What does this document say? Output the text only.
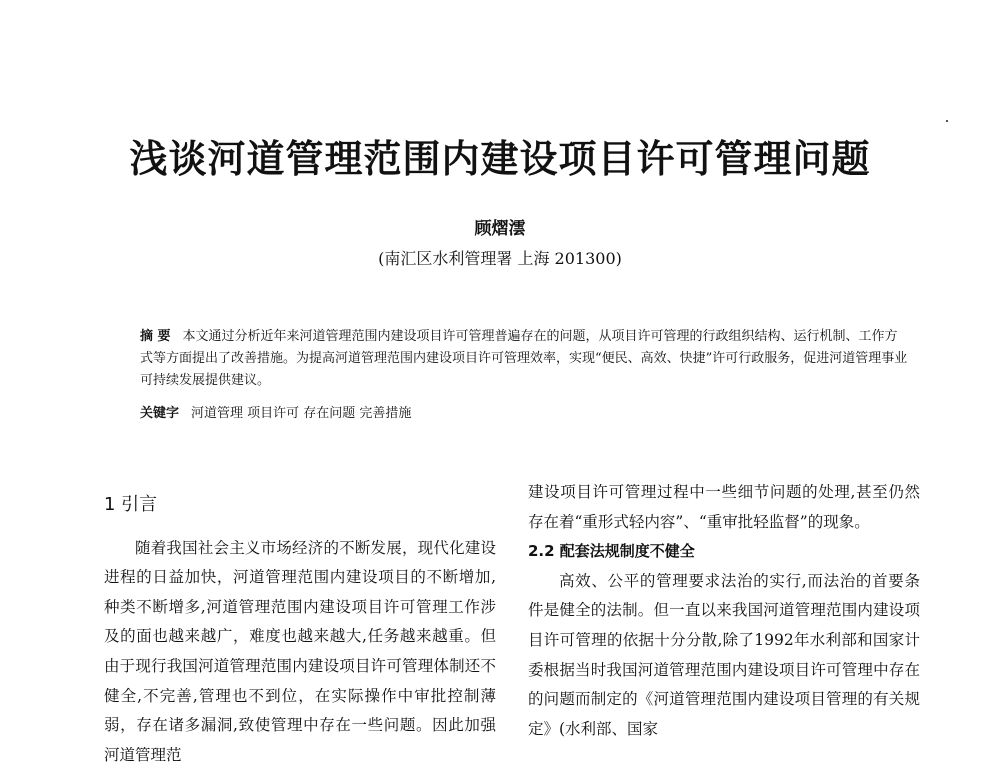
浅谈河道管理范围内建设项目许可管理问题
顾熠澐
(南汇区水利管理署 上海 201300)
摘 要 本文通过分析近年来河道管理范围内建设项目许可管理普遍存在的问题，从项目许可管理的行政组织结构、运行机制、工作方式等方面提出了改善措施。为提高河道管理范围内建设项目许可管理效率，实现“便民、高效、快捷”许可行政服务，促进河道管理事业可持续发展提供建议。
关键字 河道管理 项目许可 存在问题 完善措施
1 引言

随着我国社会主义市场经济的不断发展，现代化建设进程的日益加快，河道管理范围内建设项目的不断增加,种类不断增多,河道管理范围内建设项目许可管理工作涉及的面也越来越广，难度也越来越大,任务越来越重。但由于现行我国河道管理范围内建设项目许可管理体制还不健全,不完善,管理也不到位，在实际操作中审批控制薄弱，存在诸多漏洞,致使管理中存在一些问题。因此加强河道管理范

建设项目许可管理过程中一些细节问题的处理,甚至仍然存在着“重形式轻内容”、“重审批轻监督”的现象。

2.2 配套法规制度不健全

高效、公平的管理要求法治的实行,而法治的首要条件是健全的法制。但一直以来我国河道管理范围内建设项目许可管理的依据十分分散,除了1992年水利部和国家计委根据当时我国河道管理范围内建设项目许可管理中存在的问题而制定的《河道管理范围内建设项目管理的有关规定》(水利部、国家
